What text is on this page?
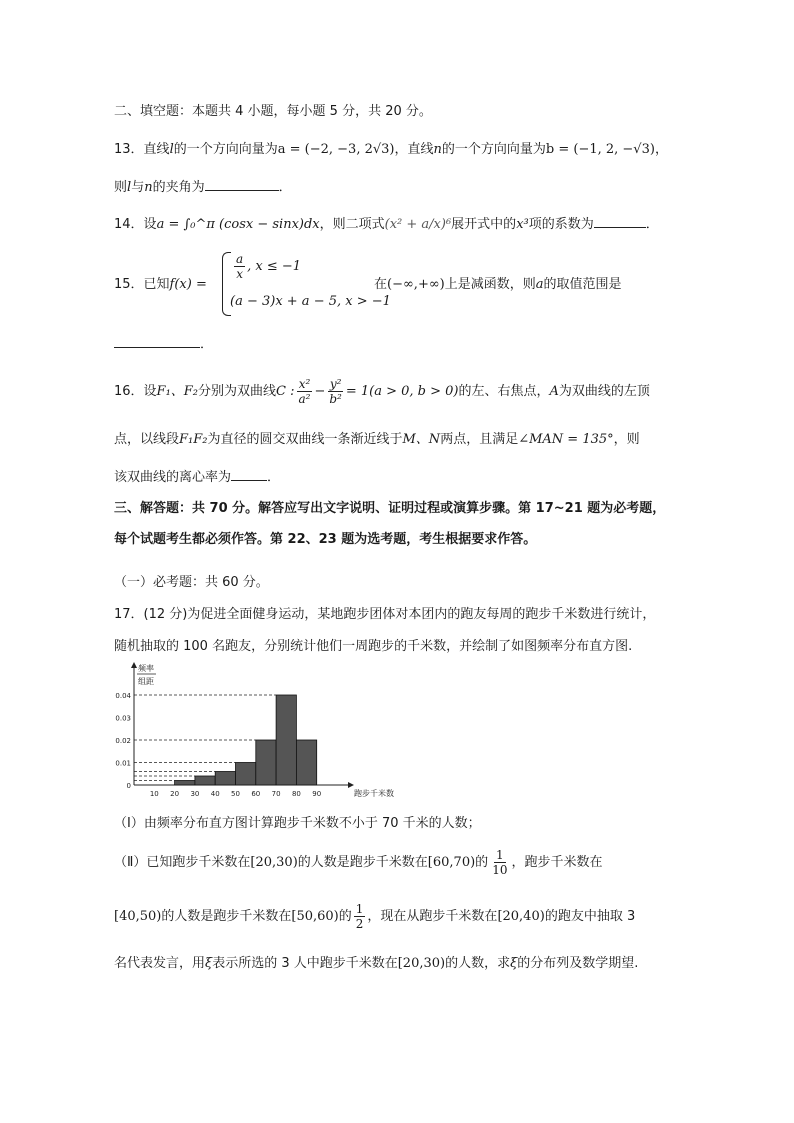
二、填空题：本题共 4 小题，每小题 5 分，共 20 分。
13．直线l的一个方向向量为a = (−2, −3, 2√3)，直线n的一个方向向量为b = (−1, 2, −√3)，
则l与n的夹角为	．
14．设a = ∫₀^π (cosx − sinx)dx，则二项式(x² + a/x)⁶展开式中的x³项的系数为	．
15．已知f(x) =
$\frac{a}{x}$ , x ≤ −1
(a − 3)x + a − 5, x > −1
在(−∞,+∞)上是减函数，则a的取值范围是
．
16．设F₁、F₂分别为双曲线C : $\frac{\text{x²}}{\text{a²}} - \frac{\text{y²}}{\text{b²}} = 1(a > 0$, b > 0)的左、右焦点，A为双曲线的左顶
点，以线段F₁F₂为直径的圆交双曲线一条渐近线于M、N两点，且满足∠MAN = 135°，则
该双曲线的离心率为	．
三、解答题：共 70 分。解答应写出文字说明、证明过程或演算步骤。第 17~21 题为必考题，
每个试题考生都必须作答。第 22、23 题为选考题，考生根据要求作答。
（一）必考题：共 60 分。
17．(12 分)为促进全面健身运动，某地跑步团体对本团内的跑友每周的跑步千米数进行统计，
随机抽取的 100 名跑友，分别统计他们一周跑步的千米数，并绘制了如图频率分布直方图.
频率
组距
0.04
0.03
0.02
0.01
0
10 20 30 40 50 60 70 80 90	跑步千米数
（Ⅰ）由频率分布直方图计算跑步千米数不小于 70 千米的人数；
（Ⅱ）已知跑步千米数在[20,30)的人数是跑步千米数在[60,70)的 $\frac{1}{10}$ ，跑步千米数在
[40,50)的人数是跑步千米数在[50,60)的 $\frac{1}{2}$ ，现在从跑步千米数在[20,40)的跑友中抽取 3
名代表发言，用ξ表示所选的 3 人中跑步千米数在[20,30)的人数，求ξ的分布列及数学期望.
